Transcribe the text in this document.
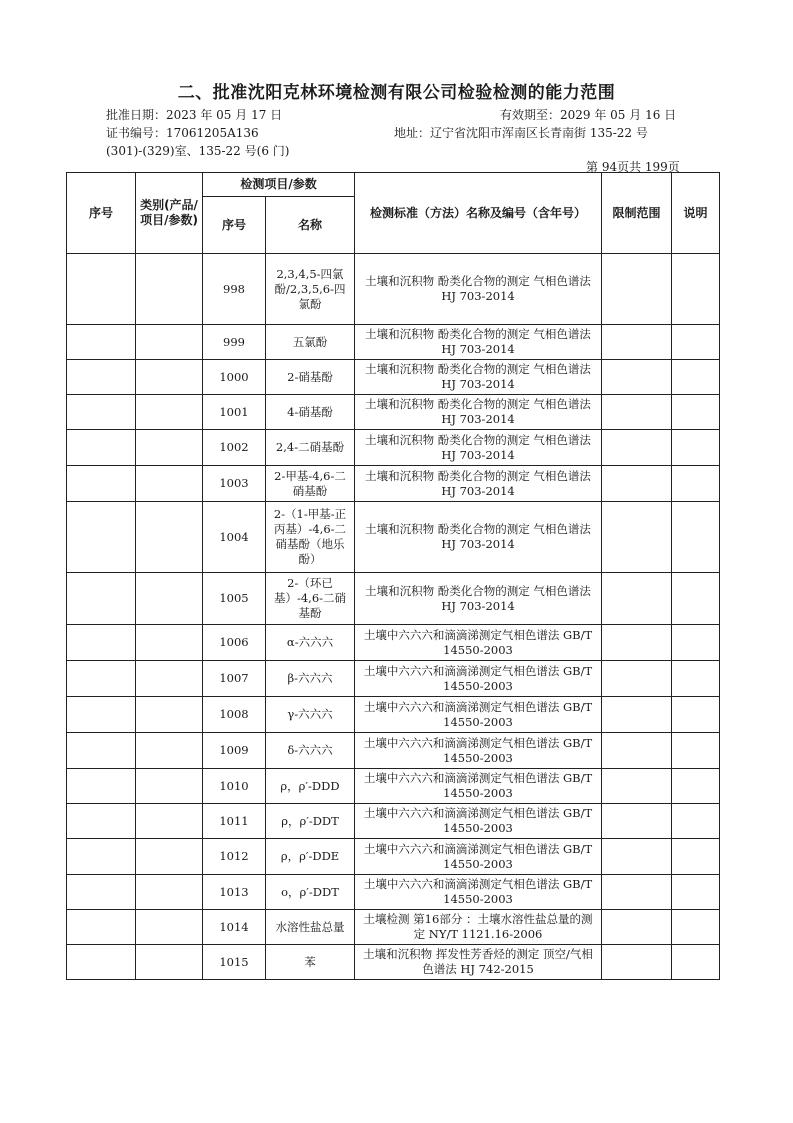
二、批准沈阳克林环境检测有限公司检验检测的能力范围
批准日期：2023 年 05 月 17 日	有效期至：2029 年 05 月 16 日
证书编号：17061205A136	地址：辽宁省沈阳市浑南区长青南街 135-22 号
(301)-(329)室、135-22 号(6 门)
第 94页共 199页
序号	类别(产品/项目/参数)	检测项目/参数		检测标准（方法）名称及编号（含年号）	限制范围	说明
		序号	名称			
		998	2,3,4,5-四氯酚/2,3,5,6-四氯酚	土壤和沉积物 酚类化合物的测定 气相色谱法 HJ 703-2014		
		999	五氯酚	土壤和沉积物 酚类化合物的测定 气相色谱法 HJ 703-2014		
		1000	2-硝基酚	土壤和沉积物 酚类化合物的测定 气相色谱法 HJ 703-2014		
		1001	4-硝基酚	土壤和沉积物 酚类化合物的测定 气相色谱法 HJ 703-2014		
		1002	2,4-二硝基酚	土壤和沉积物 酚类化合物的测定 气相色谱法 HJ 703-2014		
		1003	2-甲基-4,6-二硝基酚	土壤和沉积物 酚类化合物的测定 气相色谱法 HJ 703-2014		
		1004	2-（1-甲基-正丙基）-4,6-二硝基酚（地乐酚）	土壤和沉积物 酚类化合物的测定 气相色谱法 HJ 703-2014		
		1005	2-（环已基）-4,6-二硝基酚	土壤和沉积物 酚类化合物的测定 气相色谱法 HJ 703-2014		
		1006	α-六六六	土壤中六六六和滴滴涕测定气相色谱法 GB/T 14550-2003		
		1007	β-六六六	土壤中六六六和滴滴涕测定气相色谱法 GB/T 14550-2003		
		1008	γ-六六六	土壤中六六六和滴滴涕测定气相色谱法 GB/T 14550-2003		
		1009	δ-六六六	土壤中六六六和滴滴涕测定气相色谱法 GB/T 14550-2003		
		1010	ρ，ρ′-DDD	土壤中六六六和滴滴涕测定气相色谱法 GB/T 14550-2003		
		1011	ρ，ρ′-DDT	土壤中六六六和滴滴涕测定气相色谱法 GB/T 14550-2003		
		1012	ρ，ρ′-DDE	土壤中六六六和滴滴涕测定气相色谱法 GB/T 14550-2003		
		1013	ο，ρ′-DDT	土壤中六六六和滴滴涕测定气相色谱法 GB/T 14550-2003		
		1014	水溶性盐总量	土壤检测 第16部分 ：土壤水溶性盐总量的测定 NY/T 1121.16-2006		
		1015	苯	土壤和沉积物 挥发性芳香烃的测定 顶空/气相色谱法 HJ 742-2015		
